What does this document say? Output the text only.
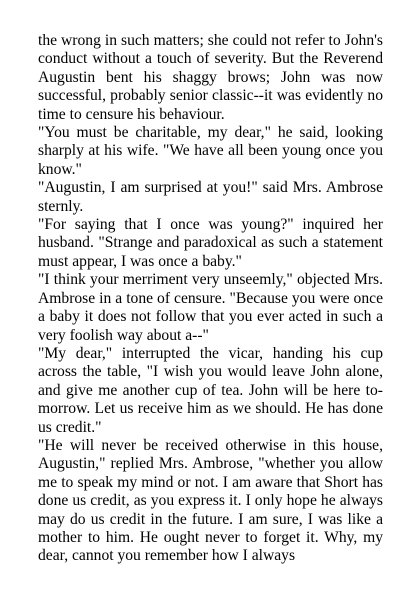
the wrong in such matters; she could not refer to John's conduct without a touch of severity. But the Reverend Augustin bent his shaggy brows; John was now successful, probably senior classic--it was evidently no time to censure his behaviour.

"You must be charitable, my dear," he said, looking sharply at his wife. "We have all been young once you know."

"Augustin, I am surprised at you!" said Mrs. Ambrose sternly.

"For saying that I once was young?" inquired her husband. "Strange and paradoxical as such a statement must appear, I was once a baby."

"I think your merriment very unseemly," objected Mrs. Ambrose in a tone of censure. "Because you were once a baby it does not follow that you ever acted in such a very foolish way about a--"

"My dear," interrupted the vicar, handing his cup across the table, "I wish you would leave John alone, and give me another cup of tea. John will be here to-morrow. Let us receive him as we should. He has done us credit."

"He will never be received otherwise in this house, Augustin," replied Mrs. Ambrose, "whether you allow me to speak my mind or not. I am aware that Short has done us credit, as you express it. I only hope he always may do us credit in the future. I am sure, I was like a mother to him. He ought never to forget it. Why, my dear, cannot you remember how I always
